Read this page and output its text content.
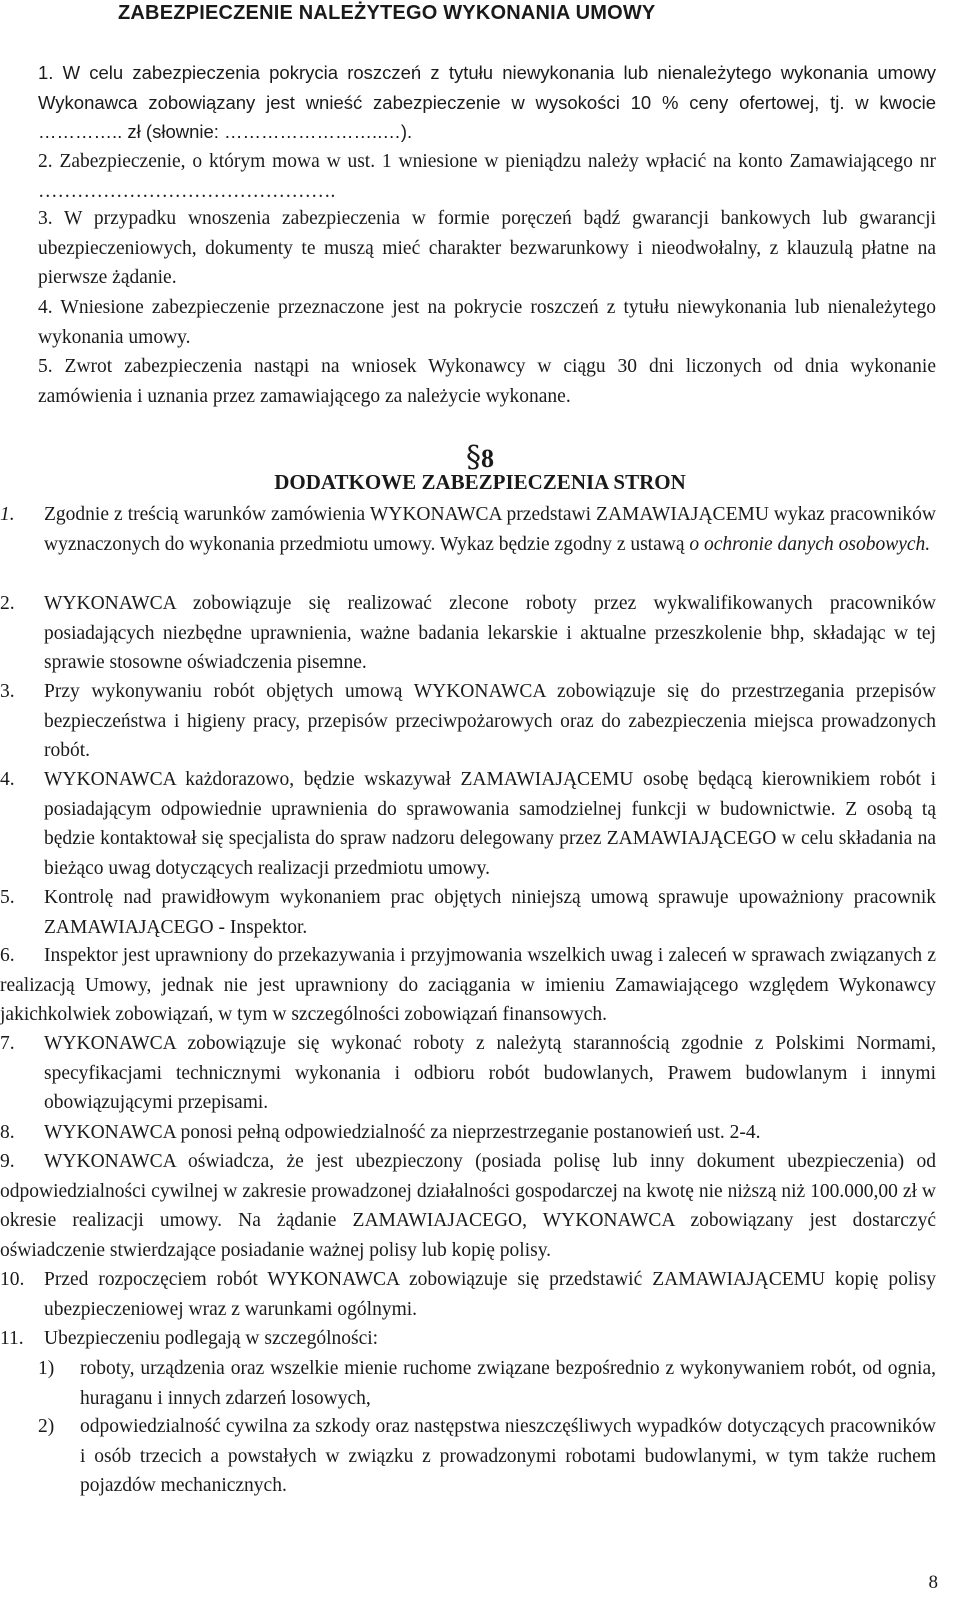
ZABEZPIECZENIE NALEŻYTEGO WYKONANIA UMOWY
1. W celu zabezpieczenia pokrycia roszczeń z tytułu niewykonania lub nienależytego wykonania umowy Wykonawca zobowiązany jest wnieść zabezpieczenie w wysokości 10 % ceny ofertowej, tj. w kwocie ………….. zł (słownie: ……………………..…).
2. Zabezpieczenie, o którym mowa w ust. 1 wniesione w pieniądzu należy wpłacić na konto Zamawiającego nr ……………………………………….
3. W przypadku wnoszenia zabezpieczenia w formie poręczeń bądź gwarancji bankowych lub gwarancji ubezpieczeniowych, dokumenty te muszą mieć charakter bezwarunkowy i nieodwołalny, z klauzulą płatne na pierwsze żądanie.
4. Wniesione zabezpieczenie przeznaczone jest na pokrycie roszczeń z tytułu niewykonania lub nienależytego wykonania umowy.
5. Zwrot zabezpieczenia nastąpi na wniosek Wykonawcy w ciągu 30 dni liczonych od dnia wykonanie zamówienia i uznania przez zamawiającego za należycie wykonane.
§8
DODATKOWE ZABEZPIECZENIA STRON
1. Zgodnie z treścią warunków zamówienia WYKONAWCA przedstawi ZAMAWIAJĄCEMU wykaz pracowników wyznaczonych do wykonania przedmiotu umowy. Wykaz będzie zgodny z ustawą o ochronie danych osobowych.
2. WYKONAWCA zobowiązuje się realizować zlecone roboty przez wykwalifikowanych pracowników posiadających niezbędne uprawnienia, ważne badania lekarskie i aktualne przeszkolenie bhp, składając w tej sprawie stosowne oświadczenia pisemne.
3. Przy wykonywaniu robót objętych umową WYKONAWCA zobowiązuje się do przestrzegania przepisów bezpieczeństwa i higieny pracy, przepisów przeciwpożarowych oraz do zabezpieczenia miejsca prowadzonych robót.
4. WYKONAWCA każdorazowo, będzie wskazywał ZAMAWIAJĄCEMU osobę będącą kierownikiem robót i posiadającym odpowiednie uprawnienia do sprawowania samodzielnej funkcji w budownictwie. Z osobą tą będzie kontaktował się specjalista do spraw nadzoru delegowany przez ZAMAWIAJĄCEGO w celu składania na bieżąco uwag dotyczących realizacji przedmiotu umowy.
5. Kontrolę nad prawidłowym wykonaniem prac objętych niniejszą umową sprawuje upoważniony pracownik ZAMAWIAJĄCEGO - Inspektor.
6.	Inspektor jest uprawniony do przekazywania i przyjmowania wszelkich uwag i zaleceń w sprawach związanych z realizacją Umowy, jednak nie jest uprawniony do zaciągania w imieniu Zamawiającego względem Wykonawcy jakichkolwiek zobowiązań, w tym w szczególności zobowiązań finansowych.
7. WYKONAWCA zobowiązuje się wykonać roboty z należytą starannością zgodnie z Polskimi Normami, specyfikacjami technicznymi wykonania i odbioru robót budowlanych, Prawem budowlanym i innymi obowiązującymi przepisami.
8. WYKONAWCA ponosi pełną odpowiedzialność za nieprzestrzeganie postanowień ust. 2-4.
9.	WYKONAWCA oświadcza, że jest ubezpieczony (posiada polisę lub inny dokument ubezpieczenia) od odpowiedzialności cywilnej w zakresie prowadzonej działalności gospodarczej na kwotę nie niższą niż 100.000,00 zł w okresie realizacji umowy. Na żądanie ZAMAWIAJACEGO, WYKONAWCA zobowiązany jest dostarczyć oświadczenie stwierdzające posiadanie ważnej polisy lub kopię polisy.
10. Przed rozpoczęciem robót WYKONAWCA zobowiązuje się przedstawić ZAMAWIAJĄCEMU kopię polisy ubezpieczeniowej wraz z warunkami ogólnymi.
11. Ubezpieczeniu podlegają w szczególności:
1) roboty, urządzenia oraz wszelkie mienie ruchome związane bezpośrednio z wykonywaniem robót, od ognia, huraganu i innych zdarzeń losowych,
2) odpowiedzialność cywilna za szkody oraz następstwa nieszczęśliwych wypadków dotyczących pracowników i osób trzecich a powstałych w związku z prowadzonymi robotami budowlanymi, w tym także ruchem pojazdów mechanicznych.
8
